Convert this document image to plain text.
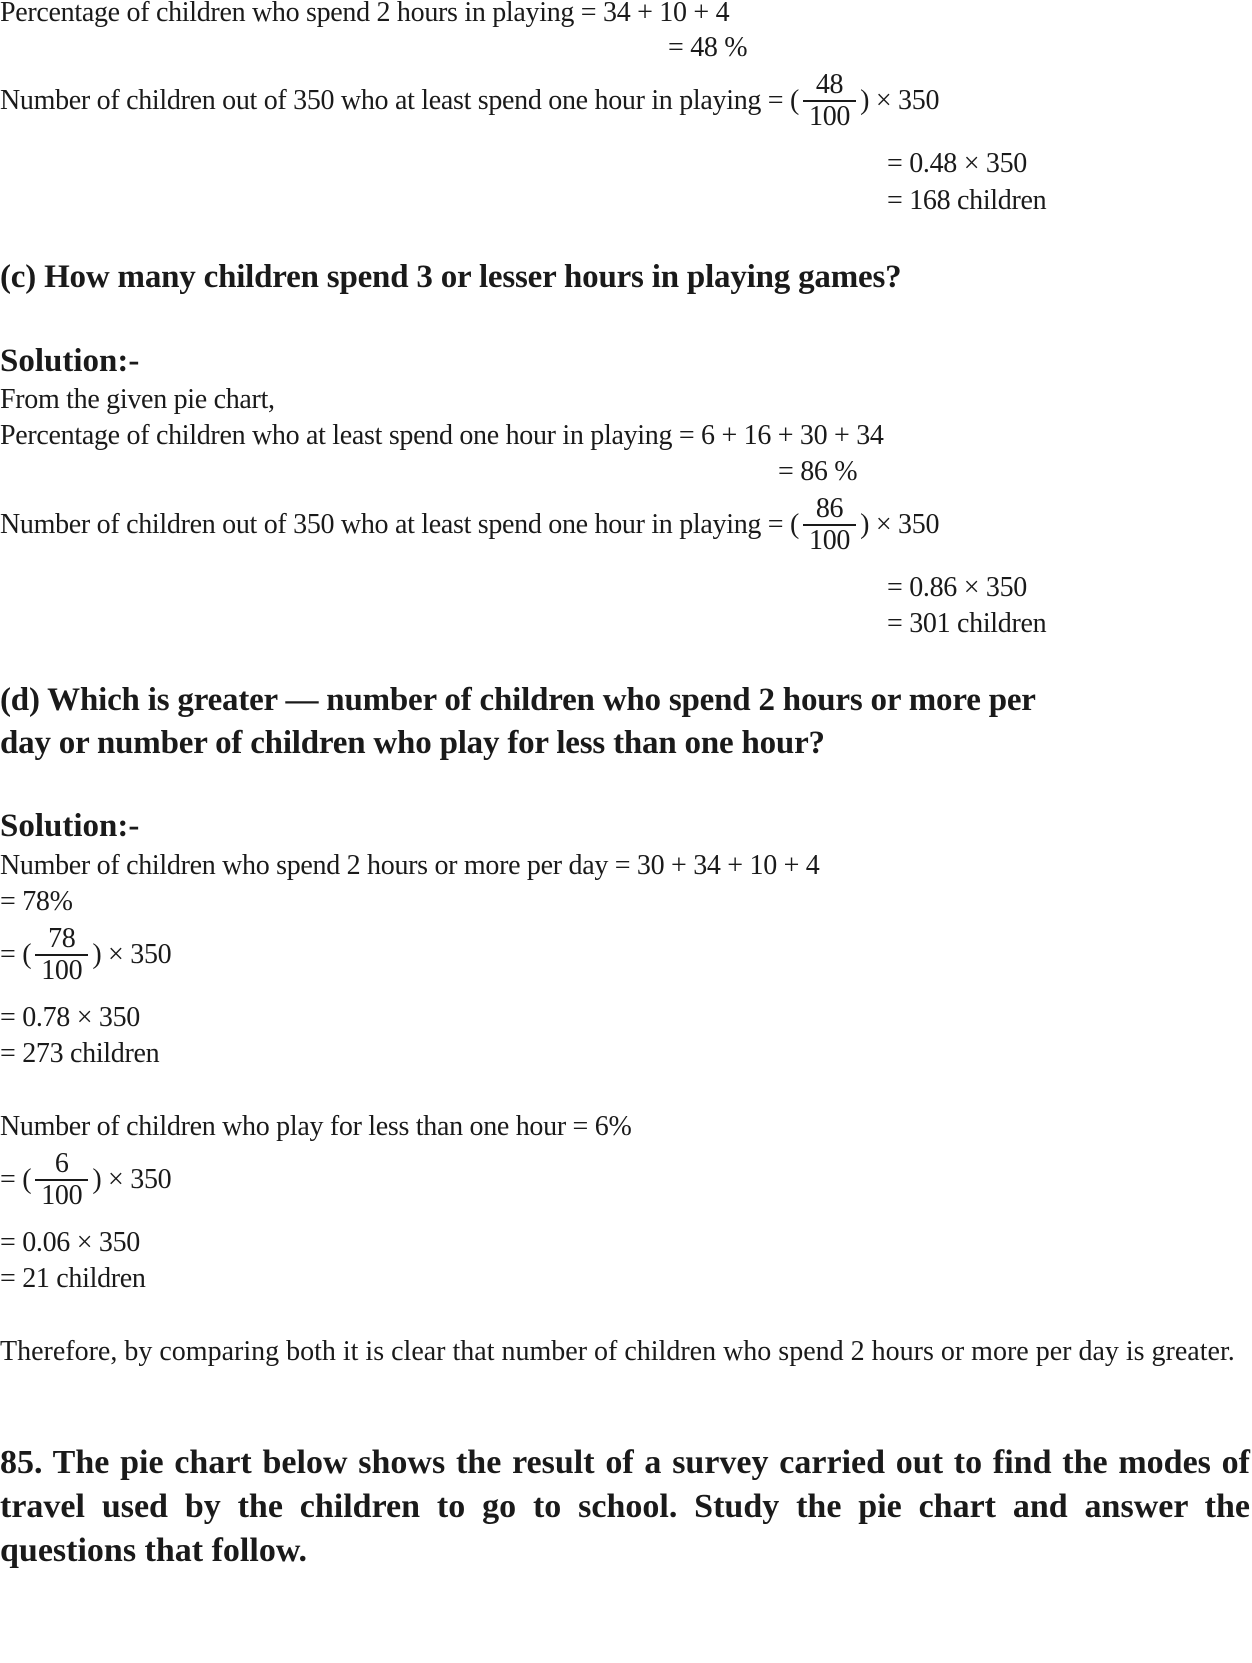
Percentage of children who spend 2 hours in playing = 34 + 10 + 4
= 48 %
Number of children out of 350 who at least spend one hour in playing = ( $\frac{48}{100}$ ) × 350
= 0.48 × 350
= 168 children
(c) How many children spend 3 or lesser hours in playing games?
Solution:-
From the given pie chart,
Percentage of children who at least spend one hour in playing = 6 + 16 + 30 + 34
= 86 %
Number of children out of 350 who at least spend one hour in playing = ( $\frac{86}{100}$ ) × 350
= 0.86 × 350
= 301 children
(d) Which is greater — number of children who spend 2 hours or more per
day or number of children who play for less than one hour?
Solution:-
Number of children who spend 2 hours or more per day = 30 + 34 + 10 + 4
= 78%
= ( $\frac{78}{100}$ ) × 350
= 0.78 × 350
= 273 children
Number of children who play for less than one hour = 6%
= ( $\frac{6}{100}$ ) × 350
= 0.06 × 350
= 21 children
Therefore, by comparing both it is clear that number of children who spend 2 hours or more per day is greater.
85. The pie chart below shows the result of a survey carried out to find the modes of travel used by the children to go to school. Study the pie chart and answer the questions that follow.
